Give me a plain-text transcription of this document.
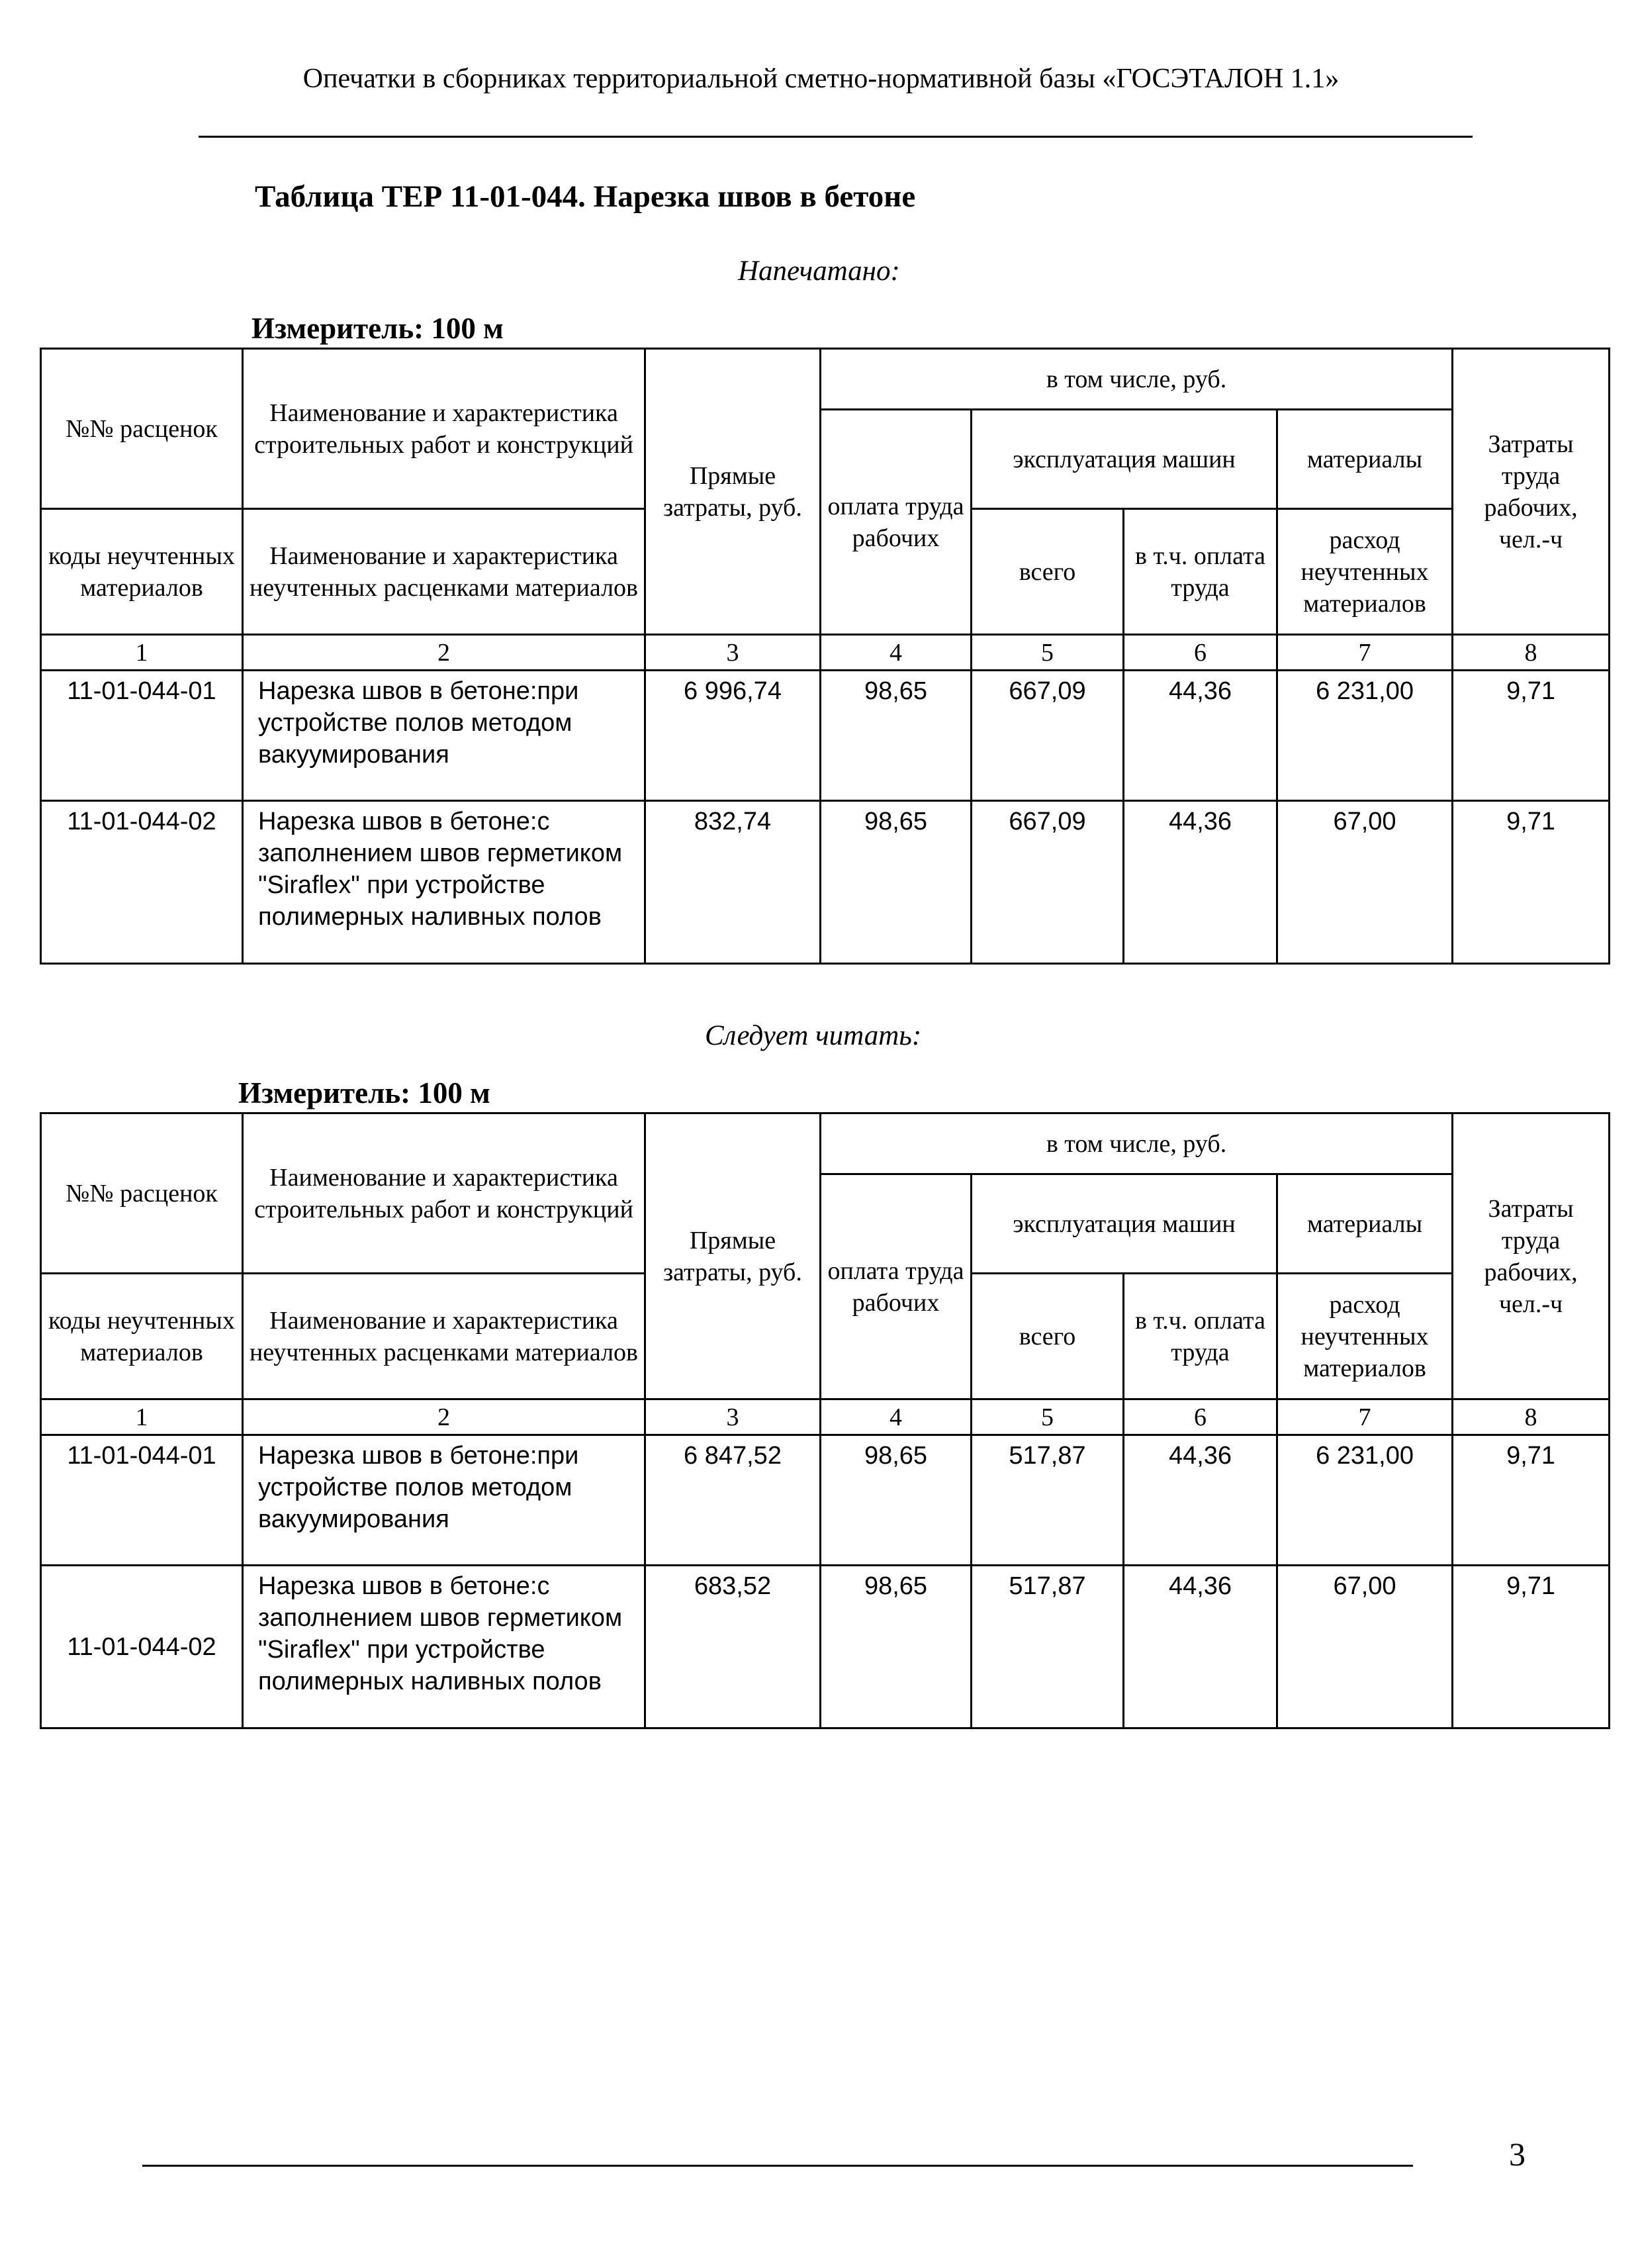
Опечатки в сборниках территориальной сметно-нормативной базы «ГОСЭТАЛОН 1.1»
Таблица ТЕР 11-01-044. Нарезка швов в бетоне
Напечатано:
Измеритель: 100 м
№№ расценок	Наименование и характеристика строительных работ и конструкций	Прямые затраты, руб.	в том числе, руб.				Затраты труда рабочих, чел.-ч
			оплата труда рабочих	эксплуатация машин		материалы	
коды неучтенных материалов	Наименование и характеристика неучтенных расценками материалов			всего	в т.ч. оплата труда	расход неучтенных материалов	
1	2	3	4	5	6	7	8
11-01-044-01	Нарезка швов в бетоне:при устройстве полов методом вакуумирования	6 996,74	98,65	667,09	44,36	6 231,00	9,71
11-01-044-02	Нарезка швов в бетоне:с заполнением швов герметиком "Siraflex" при устройстве полимерных наливных полов	832,74	98,65	667,09	44,36	67,00	9,71
Следует читать:
Измеритель: 100 м
№№ расценок	Наименование и характеристика строительных работ и конструкций	Прямые затраты, руб.	в том числе, руб.				Затраты труда рабочих, чел.-ч
			оплата труда рабочих	эксплуатация машин		материалы	
коды неучтенных материалов	Наименование и характеристика неучтенных расценками материалов			всего	в т.ч. оплата труда	расход неучтенных материалов	
1	2	3	4	5	6	7	8
11-01-044-01	Нарезка швов в бетоне:при устройстве полов методом вакуумирования	6 847,52	98,65	517,87	44,36	6 231,00	9,71
11-01-044-02	Нарезка швов в бетоне:с заполнением швов герметиком "Siraflex" при устройстве полимерных наливных полов	683,52	98,65	517,87	44,36	67,00	9,71
3
